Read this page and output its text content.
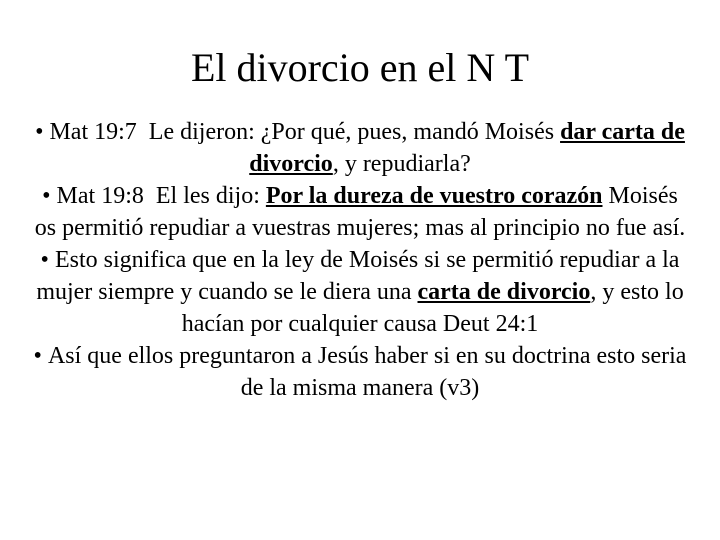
El divorcio en el N T

• Mat 19:7 Le dijeron: ¿Por qué, pues, mandó Moisés dar carta de divorcio, y repudiarla?

• Mat 19:8 El les dijo: Por la dureza de vuestro corazón Moisés os permitió repudiar a vuestras mujeres; mas al principio no fue así.

• Esto significa que en la ley de Moisés si se permitió repudiar a la mujer siempre y cuando se le diera una carta de divorcio, y esto lo hacían por cualquier causa Deut 24:1

• Así que ellos preguntaron a Jesús haber si en su doctrina esto seria de la misma manera (v3)
